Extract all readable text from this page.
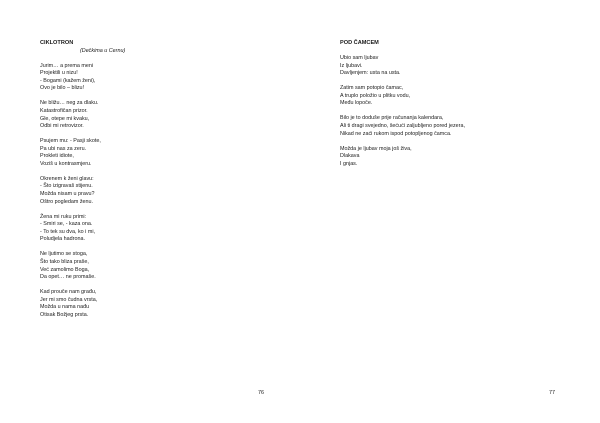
CIKLOTRON

(Dečkima u Cernu)

Jurim… a prema meni
Projektili u nizu!
- Bogami (kažem ženi),
Ovo je bilo – blizu!
Ne bližu… neg za dlaku.
Katastrofičan prizor.
Gle, otepe mi kvaku,
Odbi mi retrovizor.
Psujem mu: - Pasji skote,
Pa ubi nas za zeru.
Prokleti idiote,
Voziš u kontrasmjeru.
Okrenem k ženi glavu:
- Što izigravaš stijenu.
Možda nisam u pravu?
Oštro pogledam ženu.
Žena mi ruku primi:
- Smiri se, - kaza ona.
- To tek su dva, ko i mi,
Poludjela hadrona.
Ne ljutimo se stoga,
Što tako bliza praše,
Već zamolimo Boga,
Da opet… ne promaše.
Kad prouče nam građu,
Jer mi smo čudna vrsta,
Možda u nama nađu
Otisak Božjeg prsta.
76

POD ČAMCEM

Ubio sam ljubav
Iz ljubavi.
Davljenjem: usta na usta.
Zatim sam potopio čamac,
A truplo položio u plitku vodu,
Među lopoče.
Bilo je to doduše prije računanja kalendara,
Ali ti dragi svejedno, šećući zaljubljeno pored jezera,
Nikad ne zaći rukom ispod potopljenog čamca.
Možda je ljubav moja još živa,
Dlakava
I gnjas.
77
